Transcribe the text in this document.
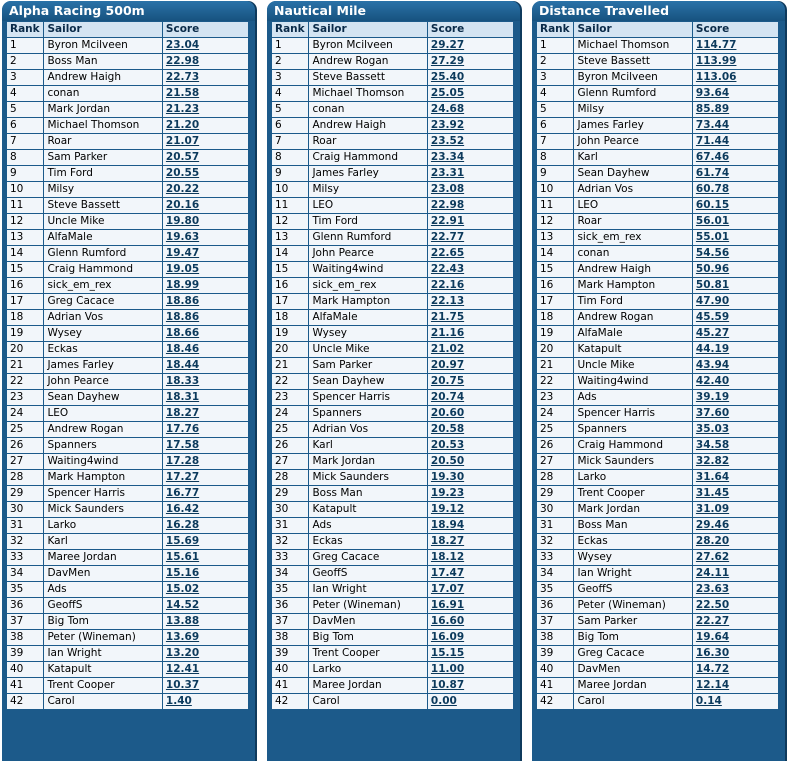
Alpha Racing 500m
Rank	Sailor	Score
1	Byron Mcilveen	23.04
2	Boss Man	22.98
3	Andrew Haigh	22.73
4	conan	21.58
5	Mark Jordan	21.23
6	Michael Thomson	21.20
7	Roar	21.07
8	Sam Parker	20.57
9	Tim Ford	20.55
10	Milsy	20.22
11	Steve Bassett	20.16
12	Uncle Mike	19.80
13	AlfaMale	19.63
14	Glenn Rumford	19.47
15	Craig Hammond	19.05
16	sick_em_rex	18.99
17	Greg Cacace	18.86
18	Adrian Vos	18.86
19	Wysey	18.66
20	Eckas	18.46
21	James Farley	18.44
22	John Pearce	18.33
23	Sean Dayhew	18.31
24	LEO	18.27
25	Andrew Rogan	17.76
26	Spanners	17.58
27	Waiting4wind	17.28
28	Mark Hampton	17.27
29	Spencer Harris	16.77
30	Mick Saunders	16.42
31	Larko	16.28
32	Karl	15.69
33	Maree Jordan	15.61
34	DavMen	15.16
35	Ads	15.02
36	GeoffS	14.52
37	Big Tom	13.88
38	Peter (Wineman)	13.69
39	Ian Wright	13.20
40	Katapult	12.41
41	Trent Cooper	10.37
42	Carol	1.40
Nautical Mile
Rank	Sailor	Score
1	Byron Mcilveen	29.27
2	Andrew Rogan	27.29
3	Steve Bassett	25.40
4	Michael Thomson	25.05
5	conan	24.68
6	Andrew Haigh	23.92
7	Roar	23.52
8	Craig Hammond	23.34
9	James Farley	23.31
10	Milsy	23.08
11	LEO	22.98
12	Tim Ford	22.91
13	Glenn Rumford	22.77
14	John Pearce	22.65
15	Waiting4wind	22.43
16	sick_em_rex	22.16
17	Mark Hampton	22.13
18	AlfaMale	21.75
19	Wysey	21.16
20	Uncle Mike	21.02
21	Sam Parker	20.97
22	Sean Dayhew	20.75
23	Spencer Harris	20.74
24	Spanners	20.60
25	Adrian Vos	20.58
26	Karl	20.53
27	Mark Jordan	20.50
28	Mick Saunders	19.30
29	Boss Man	19.23
30	Katapult	19.12
31	Ads	18.94
32	Eckas	18.27
33	Greg Cacace	18.12
34	GeoffS	17.47
35	Ian Wright	17.07
36	Peter (Wineman)	16.91
37	DavMen	16.60
38	Big Tom	16.09
39	Trent Cooper	15.15
40	Larko	11.00
41	Maree Jordan	10.87
42	Carol	0.00
Distance Travelled
Rank	Sailor	Score
1	Michael Thomson	114.77
2	Steve Bassett	113.99
3	Byron Mcilveen	113.06
4	Glenn Rumford	93.64
5	Milsy	85.89
6	James Farley	73.44
7	John Pearce	71.44
8	Karl	67.46
9	Sean Dayhew	61.74
10	Adrian Vos	60.78
11	LEO	60.15
12	Roar	56.01
13	sick_em_rex	55.01
14	conan	54.56
15	Andrew Haigh	50.96
16	Mark Hampton	50.81
17	Tim Ford	47.90
18	Andrew Rogan	45.59
19	AlfaMale	45.27
20	Katapult	44.19
21	Uncle Mike	43.94
22	Waiting4wind	42.40
23	Ads	39.19
24	Spencer Harris	37.60
25	Spanners	35.03
26	Craig Hammond	34.58
27	Mick Saunders	32.82
28	Larko	31.64
29	Trent Cooper	31.45
30	Mark Jordan	31.09
31	Boss Man	29.46
32	Eckas	28.20
33	Wysey	27.62
34	Ian Wright	24.11
35	GeoffS	23.63
36	Peter (Wineman)	22.50
37	Sam Parker	22.27
38	Big Tom	19.64
39	Greg Cacace	16.30
40	DavMen	14.72
41	Maree Jordan	12.14
42	Carol	0.14
